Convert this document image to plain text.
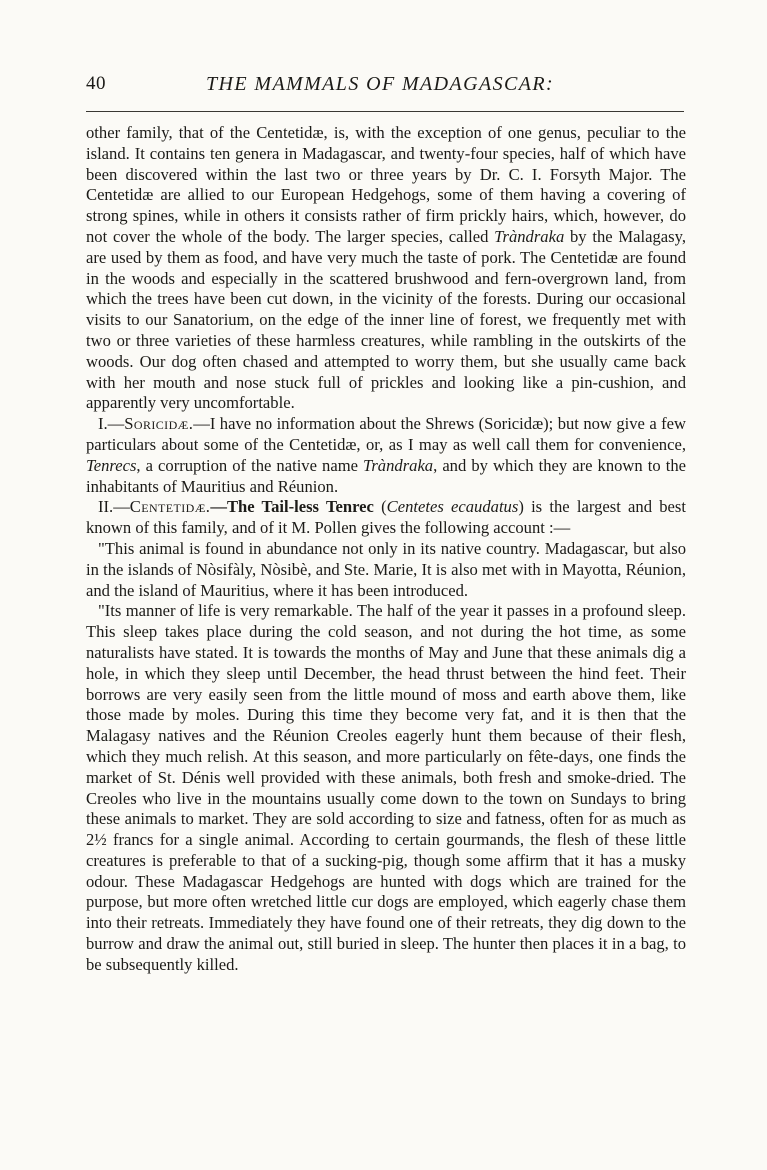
40	THE MAMMALS OF MADAGASCAR:

other family, that of the Centetidæ, is, with the exception of one genus, peculiar to the island. It contains ten genera in Madagascar, and twenty-four species, half of which have been discovered within the last two or three years by Dr. C. I. Forsyth Major. The Centetidæ are allied to our European Hedgehogs, some of them having a covering of strong spines, while in others it consists rather of firm prickly hairs, which, however, do not cover the whole of the body. The larger species, called Tràndraka by the Malagasy, are used by them as food, and have very much the taste of pork. The Centetidæ are found in the woods and especially in the scattered brushwood and fern-overgrown land, from which the trees have been cut down, in the vicinity of the forests. During our occasional visits to our Sanatorium, on the edge of the inner line of forest, we frequently met with two or three varieties of these harmless creatures, while rambling in the outskirts of the woods. Our dog often chased and attempted to worry them, but she usually came back with her mouth and nose stuck full of prickles and looking like a pin-cushion, and apparently very uncomfortable.

I.—Soricidæ.—I have no information about the Shrews (Soricidæ); but now give a few particulars about some of the Centetidæ, or, as I may as well call them for convenience, Tenrecs, a corruption of the native name Tràndraka, and by which they are known to the inhabitants of Mauritius and Réunion.

II.—Centetidæ.—The Tail-less Tenrec (Centetes ecaudatus) is the largest and best known of this family, and of it M. Pollen gives the following account :—

"This animal is found in abundance not only in its native country. Madagascar, but also in the islands of Nòsifàly, Nòsibè, and Ste. Marie, It is also met with in Mayotta, Réunion, and the island of Mauritius, where it has been introduced.

"Its manner of life is very remarkable. The half of the year it passes in a profound sleep. This sleep takes place during the cold season, and not during the hot time, as some naturalists have stated. It is towards the months of May and June that these animals dig a hole, in which they sleep until December, the head thrust between the hind feet. Their borrows are very easily seen from the little mound of moss and earth above them, like those made by moles. During this time they become very fat, and it is then that the Malagasy natives and the Réunion Creoles eagerly hunt them because of their flesh, which they much relish. At this season, and more particularly on fête-days, one finds the market of St. Dénis well provided with these animals, both fresh and smoke-dried. The Creoles who live in the mountains usually come down to the town on Sundays to bring these animals to market. They are sold according to size and fatness, often for as much as 2½ francs for a single animal. According to certain gourmands, the flesh of these little creatures is preferable to that of a sucking-pig, though some affirm that it has a musky odour. These Madagascar Hedgehogs are hunted with dogs which are trained for the purpose, but more often wretched little cur dogs are employed, which eagerly chase them into their retreats. Immediately they have found one of their retreats, they dig down to the burrow and draw the animal out, still buried in sleep. The hunter then places it in a bag, to be subsequently killed.
